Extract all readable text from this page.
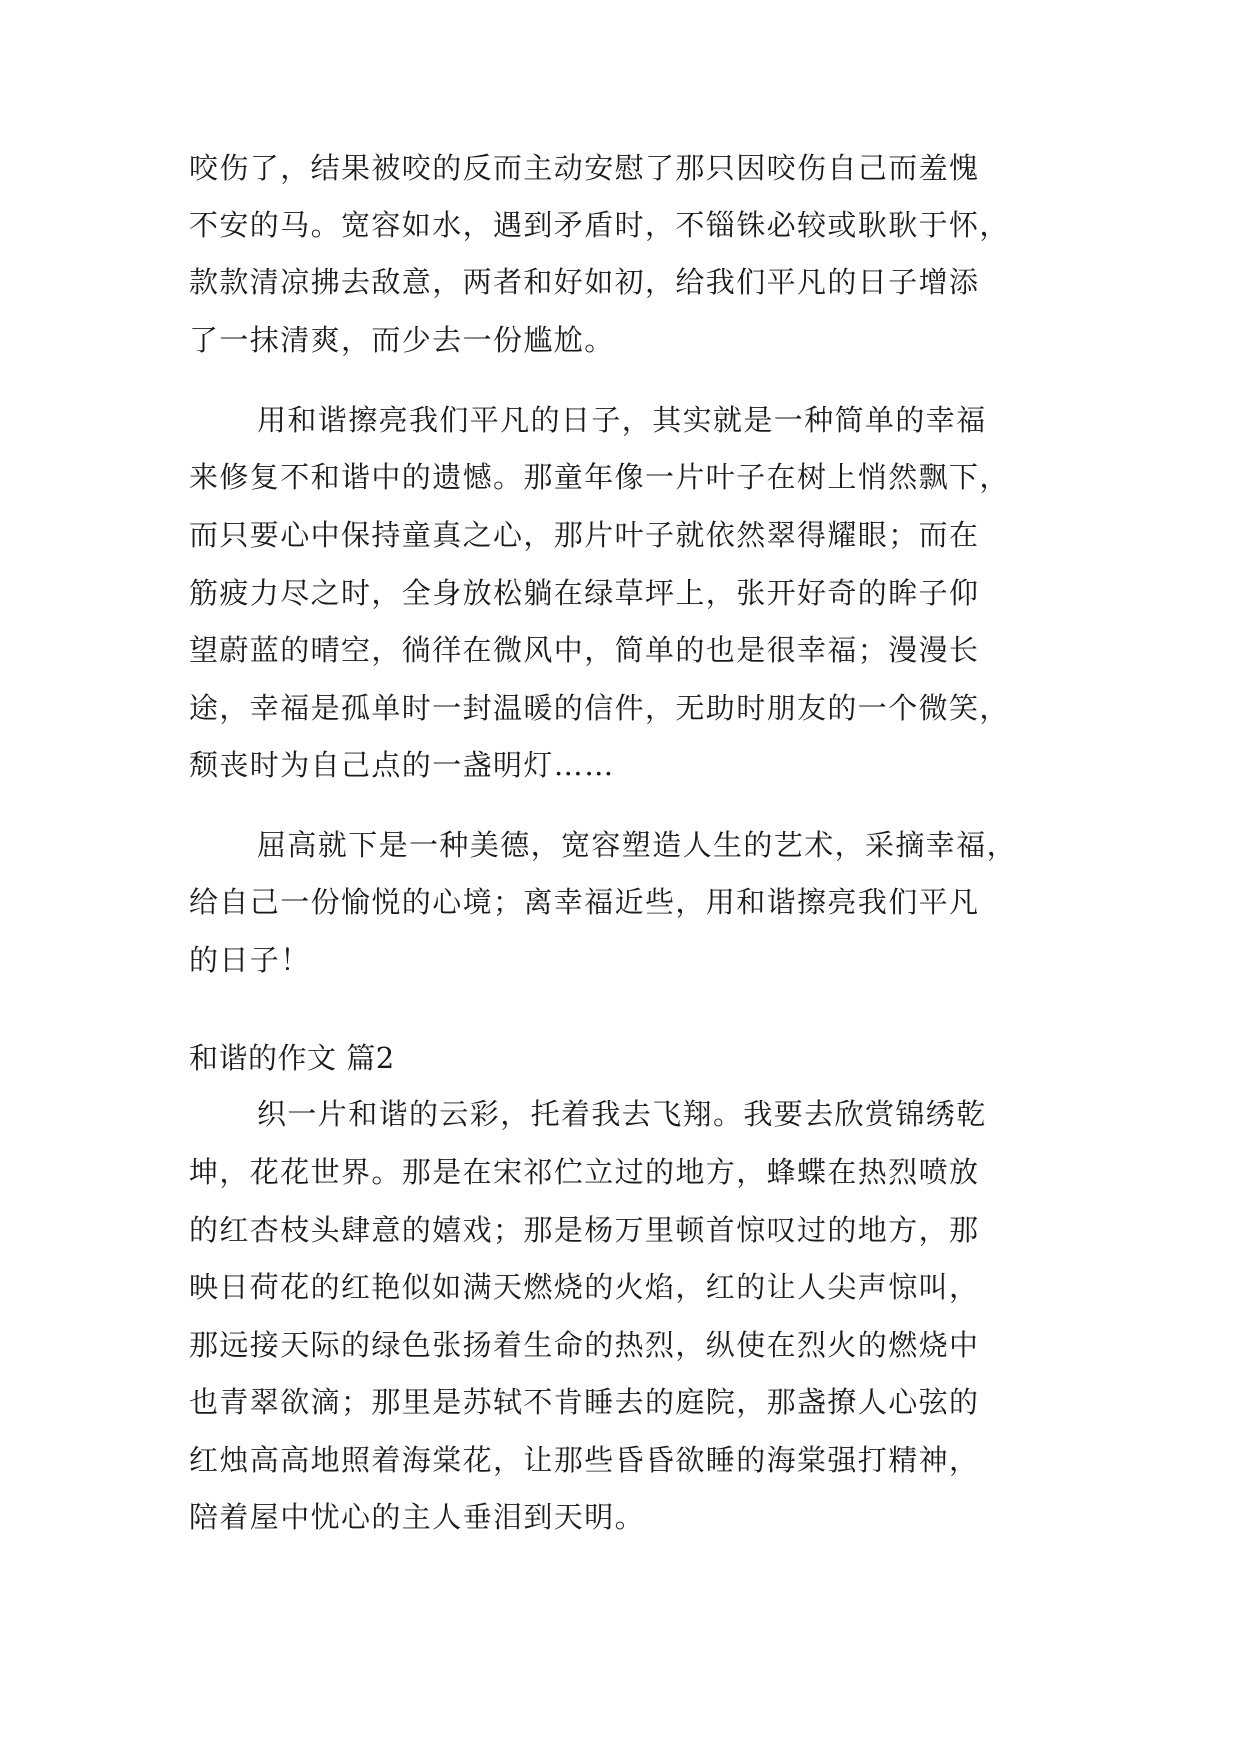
咬伤了，结果被咬的反而主动安慰了那只因咬伤自己而羞愧
不安的马。宽容如水，遇到矛盾时，不锱铢必较或耿耿于怀，
款款清凉拂去敌意，两者和好如初，给我们平凡的日子增添
了一抹清爽，而少去一份尴尬。
用和谐擦亮我们平凡的日子，其实就是一种简单的幸福
来修复不和谐中的遗憾。那童年像一片叶子在树上悄然飘下，
而只要心中保持童真之心，那片叶子就依然翠得耀眼；而在
筋疲力尽之时，全身放松躺在绿草坪上，张开好奇的眸子仰
望蔚蓝的晴空，徜徉在微风中，简单的也是很幸福；漫漫长
途，幸福是孤单时一封温暖的信件，无助时朋友的一个微笑，
颓丧时为自己点的一盏明灯……
屈高就下是一种美德，宽容塑造人生的艺术，采摘幸福，
给自己一份愉悦的心境；离幸福近些，用和谐擦亮我们平凡
的日子！
和谐的作文 篇2
织一片和谐的云彩，托着我去飞翔。我要去欣赏锦绣乾
坤，花花世界。那是在宋祁伫立过的地方，蜂蝶在热烈喷放
的红杏枝头肆意的嬉戏；那是杨万里顿首惊叹过的地方，那
映日荷花的红艳似如满天燃烧的火焰，红的让人尖声惊叫，
那远接天际的绿色张扬着生命的热烈，纵使在烈火的燃烧中
也青翠欲滴；那里是苏轼不肯睡去的庭院，那盏撩人心弦的
红烛高高地照着海棠花，让那些昏昏欲睡的海棠强打精神，
陪着屋中忧心的主人垂泪到天明。
